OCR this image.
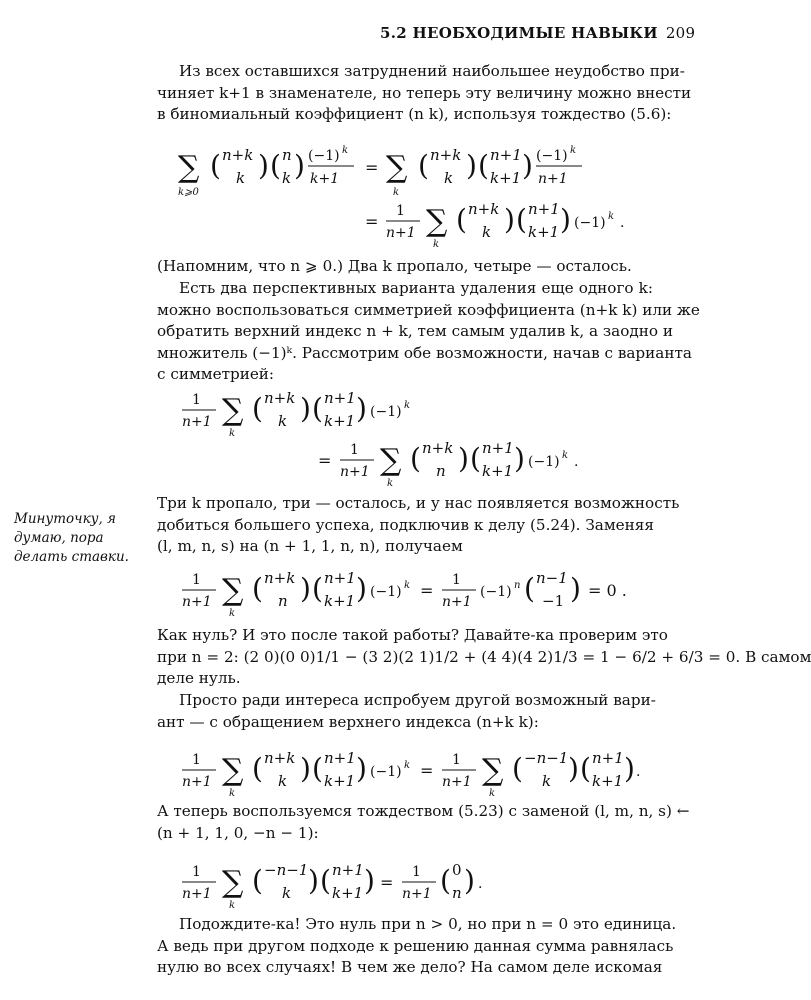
5.2 НЕОБХОДИМЫЕ НАВЫКИ 209
Минуточку, я думаю, пора делать ставки.
Из всех оставшихся затруднений наибольшее неудобство при-
чиняет k+1 в знаменателе, но теперь эту величину можно внести
в биномиальный коэффициент (n k), используя тождество (5.6):
∑
k⩾0
( n+k
k ) ( n
k ) (−1) k
k+1
= ∑
k
( n+k
k ) ( n+1
k+1 ) (−1) k
n+1
=
1
n+1 ∑
k
( n+k
k ) ( n+1
k+1 ) (−1) k .
(Напомним, что n ⩾ 0.) Два k пропало, четыре — осталось.
Есть два перспективных варианта удаления еще одного k:
можно воспользоваться симметрией коэффициента (n+k k) или же
обратить верхний индекс n + k, тем самым удалив k, а заодно и
множитель (−1)ᵏ. Рассмотрим обе возможности, начав с варианта
с симметрией:
1
n+1 ∑
k
( n+k
k ) ( n+1
k+1 ) (−1) k
=
1
n+1 ∑
k
( n+k
n ) ( n+1
k+1 ) (−1) k .
Три k пропало, три — осталось, и у нас появляется возможность
добиться большего успеха, подключив к делу (5.24). Заменяя
(l, m, n, s) на (n + 1, 1, n, n), получаем
1
n+1 ∑
k
( n+k
n ) ( n+1
k+1 ) (−1) k =
1
n+1
(−1) n ( n−1
−1 ) = 0 .
Как нуль? И это после такой работы? Давайте-ка проверим это
при n = 2: (2 0)(0 0)1/1 − (3 2)(2 1)1/2 + (4 4)(4 2)1/3 = 1 − 6/2 + 6/3 = 0. В самом
деле нуль.
Просто ради интереса испробуем другой возможный вари-
ант — с обращением верхнего индекса (n+k k):
1
n+1 ∑
k
( n+k
k ) ( n+1
k+1 ) (−1) k =
1
n+1 ∑
k
( −n−1
k ) ( n+1
k+1 ) .
А теперь воспользуемся тождеством (5.23) с заменой (l, m, n, s) ←
(n + 1, 1, 0, −n − 1):
1
n+1 ∑
k
( −n−1
k ) ( n+1
k+1 ) =
1
n+1 ( 0
n ) .
Подождите-ка! Это нуль при n > 0, но при n = 0 это единица.
А ведь при другом подходе к решению данная сумма равнялась
нулю во всех случаях! В чем же дело? На самом деле искомая
